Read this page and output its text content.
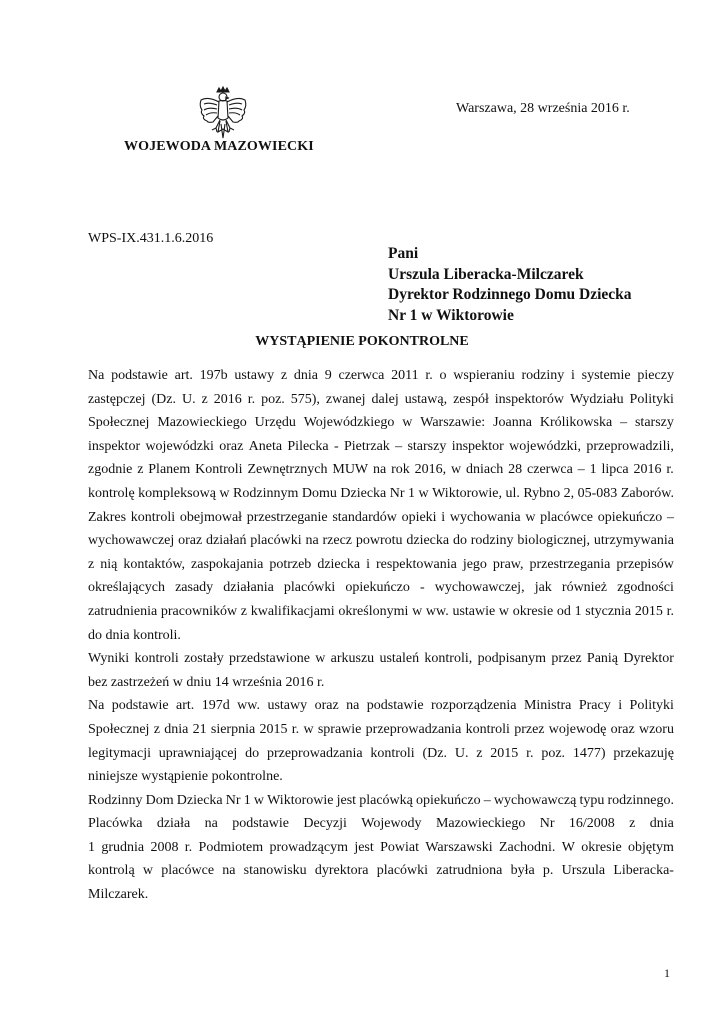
WOJEWODA MAZOWIECKI
Warszawa, 28 września 2016 r.
WPS-IX.431.1.6.2016
Pani
Urszula Liberacka-Milczarek
Dyrektor Rodzinnego Domu Dziecka
Nr 1 w Wiktorowie
WYSTĄPIENIE POKONTROLNE
Na podstawie art. 197b ustawy z dnia 9 czerwca 2011 r. o wspieraniu rodziny i systemie pieczy
zastępczej (Dz. U. z 2016 r. poz. 575), zwanej dalej ustawą, zespół inspektorów Wydziału Polityki
Społecznej Mazowieckiego Urzędu Wojewódzkiego w Warszawie: Joanna Królikowska – starszy
inspektor wojewódzki oraz Aneta Pilecka - Pietrzak – starszy inspektor wojewódzki, przeprowadzili,
zgodnie z Planem Kontroli Zewnętrznych MUW na rok 2016, w dniach 28 czerwca – 1 lipca 2016 r.
kontrolę kompleksową w Rodzinnym Domu Dziecka Nr 1 w Wiktorowie, ul. Rybno 2, 05-083 Zaborów.
Zakres kontroli obejmował przestrzeganie standardów opieki i wychowania w placówce opiekuńczo –
wychowawczej oraz działań placówki na rzecz powrotu dziecka do rodziny biologicznej, utrzymywania
z nią kontaktów, zaspokajania potrzeb dziecka i respektowania jego praw, przestrzegania przepisów
określających zasady działania placówki opiekuńczo - wychowawczej, jak również zgodności
zatrudnienia pracowników z kwalifikacjami określonymi w ww. ustawie w okresie od 1 stycznia 2015 r.
do dnia kontroli.
Wyniki kontroli zostały przedstawione w arkuszu ustaleń kontroli, podpisanym przez Panią Dyrektor
bez zastrzeżeń w dniu 14 września 2016 r.
Na podstawie art. 197d ww. ustawy oraz na podstawie rozporządzenia Ministra Pracy i Polityki
Społecznej z dnia 21 sierpnia 2015 r. w sprawie przeprowadzania kontroli przez wojewodę oraz wzoru
legitymacji uprawniającej do przeprowadzania kontroli (Dz. U. z 2015 r. poz. 1477) przekazuję
niniejsze wystąpienie pokontrolne.
Rodzinny Dom Dziecka Nr 1 w Wiktorowie jest placówką opiekuńczo – wychowawczą typu rodzinnego.
Placówka działa na podstawie Decyzji Wojewody Mazowieckiego Nr 16/2008 z dnia
1 grudnia 2008 r. Podmiotem prowadzącym jest Powiat Warszawski Zachodni. W okresie objętym
kontrolą w placówce na stanowisku dyrektora placówki zatrudniona była p. Urszula Liberacka-
Milczarek.
1
